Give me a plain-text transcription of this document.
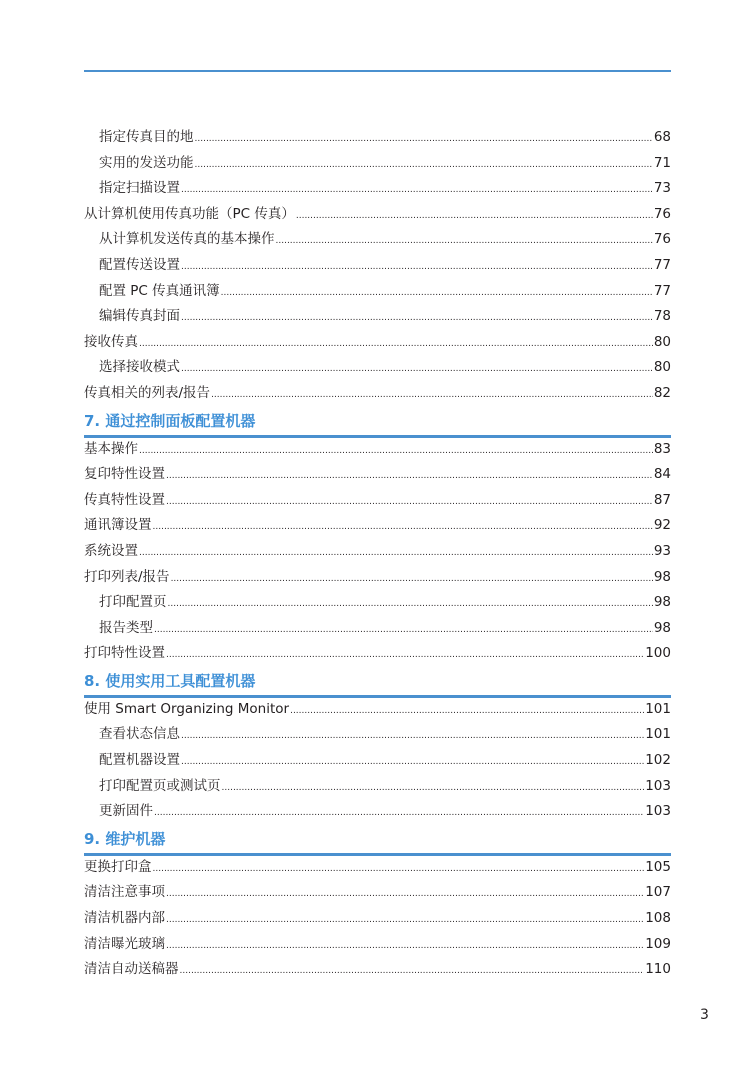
指定传真目的地 .....	68
实用的发送功能 .....	71
指定扫描设置 .....	73
从计算机使用传真功能（PC 传真） .....	76
从计算机发送传真的基本操作 .....	76
配置传送设置 .....	77
配置 PC 传真通讯簿 .....	77
编辑传真封面 .....	78
接收传真 .....	80
选择接收模式 .....	80
传真相关的列表/报告 .....	82
7. 通过控制面板配置机器
基本操作 .....	83
复印特性设置 .....	84
传真特性设置 .....	87
通讯簿设置 .....	92
系统设置 .....	93
打印列表/报告 .....	98
打印配置页 .....	98
报告类型 .....	98
打印特性设置 .....	100
8. 使用实用工具配置机器
使用 Smart Organizing Monitor .....	101
查看状态信息 .....	101
配置机器设置 .....	102
打印配置页或测试页 .....	103
更新固件 .....	103
9. 维护机器
更换打印盒 .....	105
清洁注意事项 .....	107
清洁机器内部 .....	108
清洁曝光玻璃 .....	109
清洁自动送稿器 .....	110
3
